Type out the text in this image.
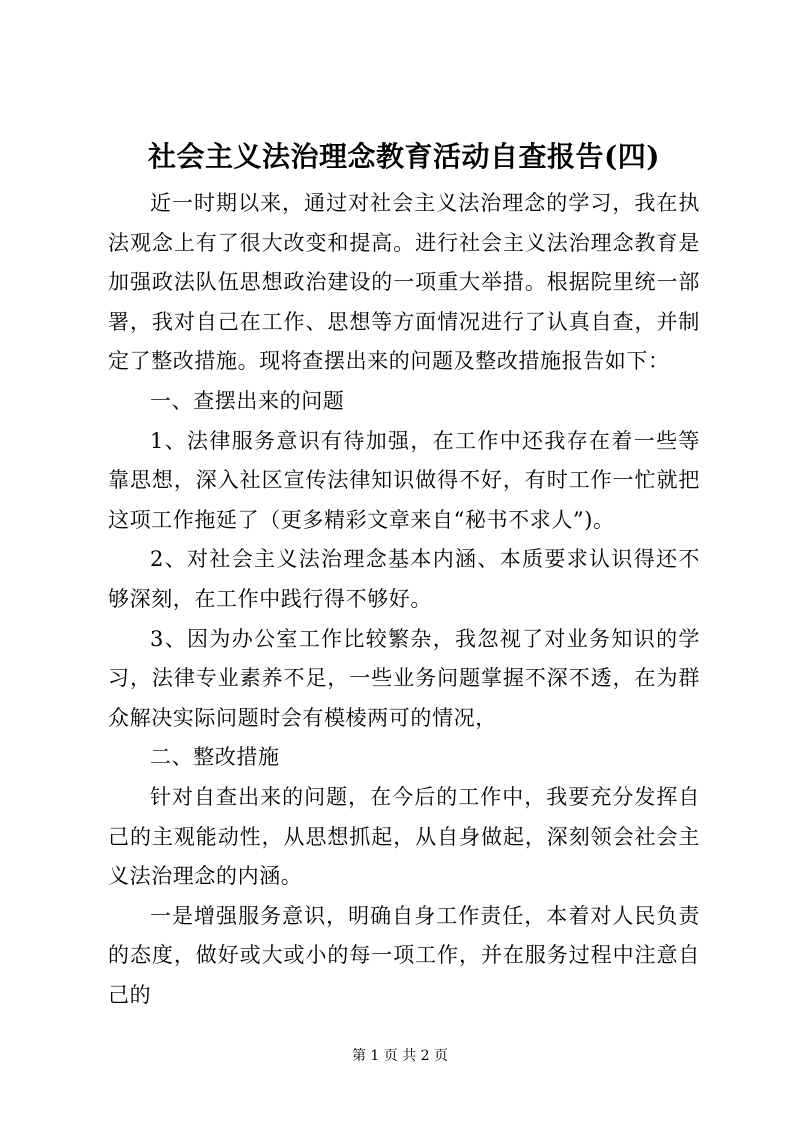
社会主义法治理念教育活动自查报告(四)

近一时期以来，通过对社会主义法治理念的学习，我在执法观念上有了很大改变和提高。进行社会主义法治理念教育是加强政法队伍思想政治建设的一项重大举措。根据院里统一部署，我对自己在工作、思想等方面情况进行了认真自查，并制定了整改措施。现将查摆出来的问题及整改措施报告如下：

一、查摆出来的问题

1、法律服务意识有待加强，在工作中还我存在着一些等靠思想，深入社区宣传法律知识做得不好，有时工作一忙就把这项工作拖延了（更多精彩文章来自“秘书不求人”)。

2、对社会主义法治理念基本内涵、本质要求认识得还不够深刻，在工作中践行得不够好。

3、因为办公室工作比较繁杂，我忽视了对业务知识的学习，法律专业素养不足，一些业务问题掌握不深不透，在为群众解决实际问题时会有模棱两可的情况，

二、整改措施

针对自查出来的问题，在今后的工作中，我要充分发挥自己的主观能动性，从思想抓起，从自身做起，深刻领会社会主义法治理念的内涵。

一是增强服务意识，明确自身工作责任，本着对人民负责的态度，做好或大或小的每一项工作，并在服务过程中注意自己的

第 1 页 共 2 页
